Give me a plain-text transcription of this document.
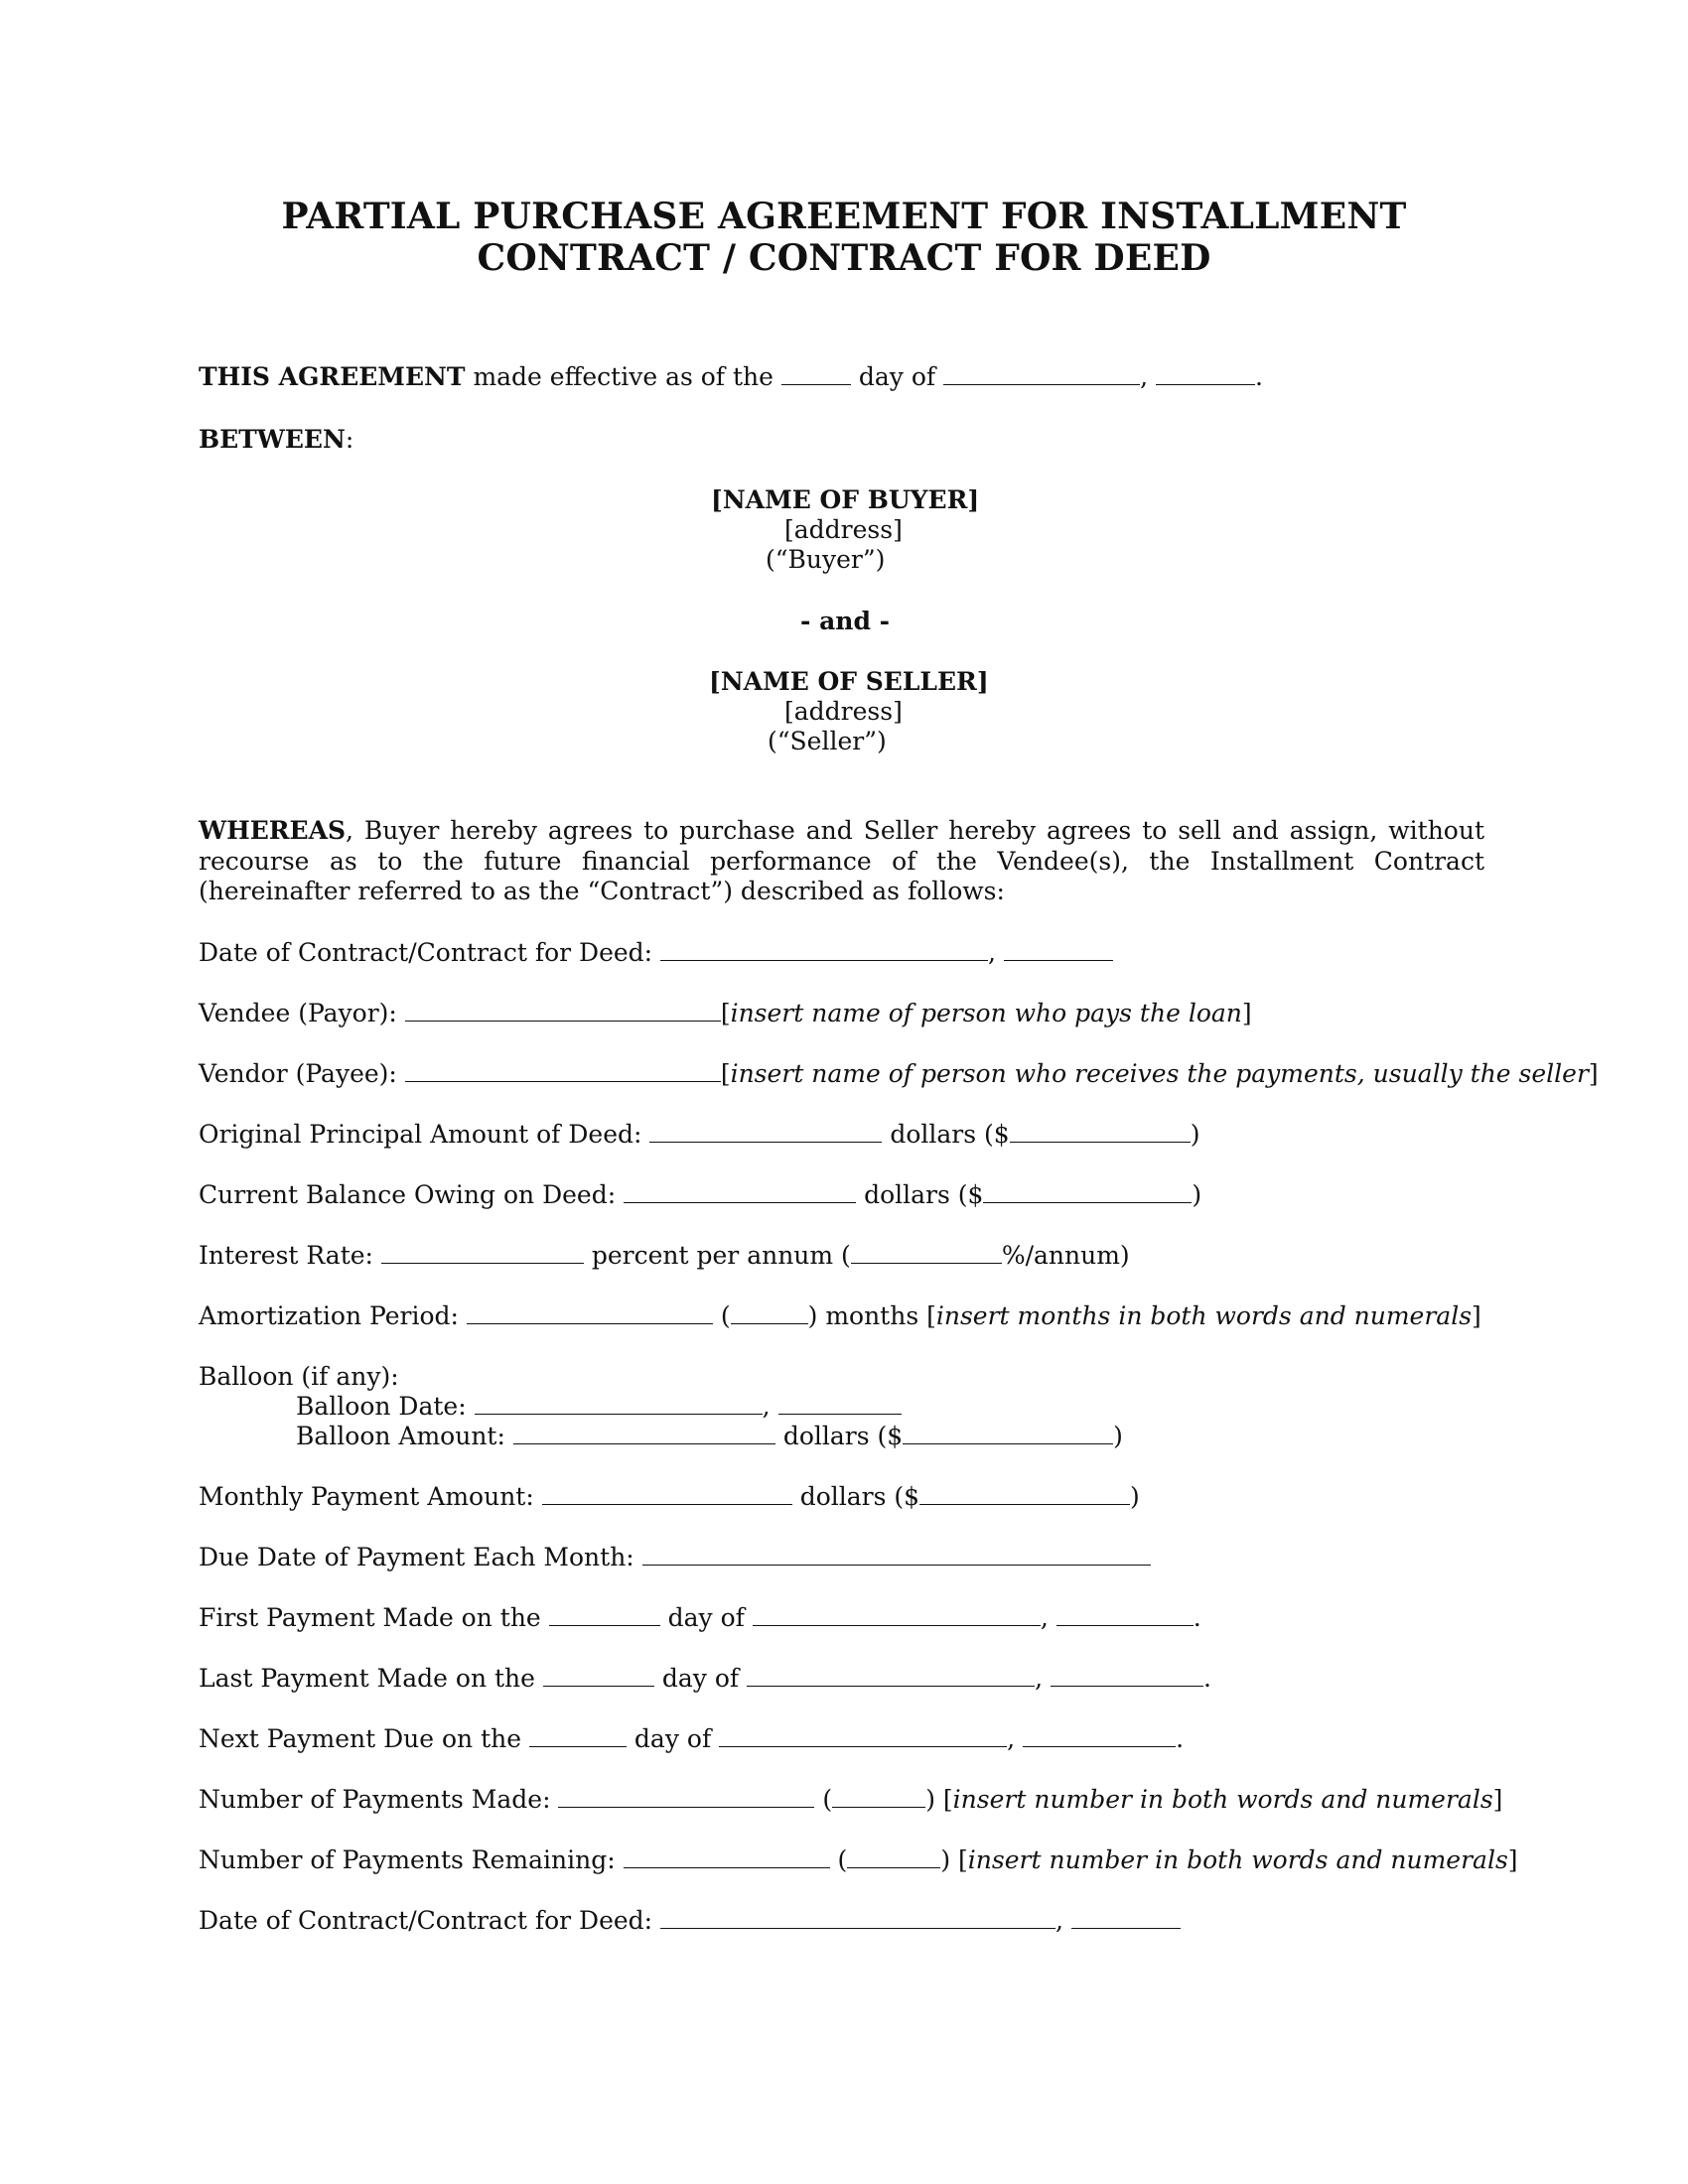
PARTIAL PURCHASE AGREEMENT FOR INSTALLMENT
CONTRACT / CONTRACT FOR DEED
THIS AGREEMENT made effective as of the	day of	,	.
BETWEEN:
[NAME OF BUYER]
[address]
(“Buyer”)
- and -
[NAME OF SELLER]
[address]
(“Seller”)
WHEREAS, Buyer hereby agrees to purchase and Seller hereby agrees to sell and assign, without recourse as to the future financial performance of the Vendee(s), the Installment Contract (hereinafter referred to as the “Contract”) described as follows:
Date of Contract/Contract for Deed:	,
Vendee (Payor):	[insert name of person who pays the loan]
Vendor (Payee):	[insert name of person who receives the payments, usually the seller]
Original Principal Amount of Deed:	dollars ($	)
Current Balance Owing on Deed:	dollars ($	)
Interest Rate:	percent per annum (	%/annum)
Amortization Period:	(	) months [insert months in both words and numerals]
Balloon (if any):
Balloon Date:	,
Balloon Amount:	dollars ($	)
Monthly Payment Amount:	dollars ($	)
Due Date of Payment Each Month:
First Payment Made on the	day of	,	.
Last Payment Made on the	day of	,	.
Next Payment Due on the	day of	,	.
Number of Payments Made:	(	) [insert number in both words and numerals]
Number of Payments Remaining:	(	) [insert number in both words and numerals]
Date of Contract/Contract for Deed:	,
